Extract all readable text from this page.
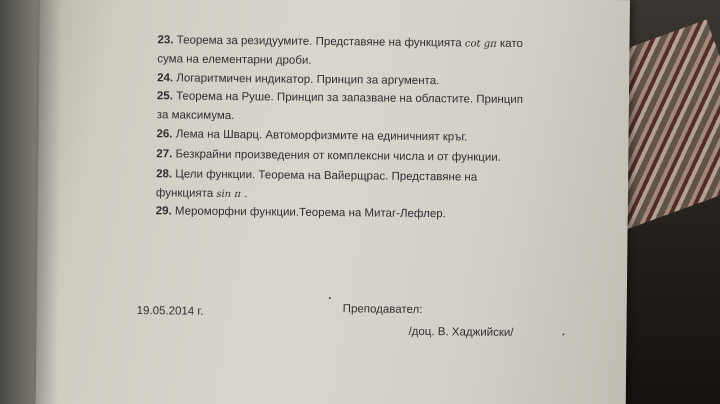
23. Теорема за резидуумите. Представяне на функцията cot gπ като сума на елементарни дроби.
24. Логаритмичен индикатор. Принцип за аргумента.
25. Теорема на Руше. Принцип за запазване на областите. Принцип за максимума.
26. Лема на Шварц. Автоморфизмите на единичният кръг.
27. Безкрайни произведения от комплексни числа и от функции.
28. Цели функции. Теорема на Вайерщрас. Представяне на функцията sin π .
29. Мероморфни функции.Теорема на Митаг-Лефлер.
19.05.2014 г.	Преподавател:
/доц. В. Хаджийски/
